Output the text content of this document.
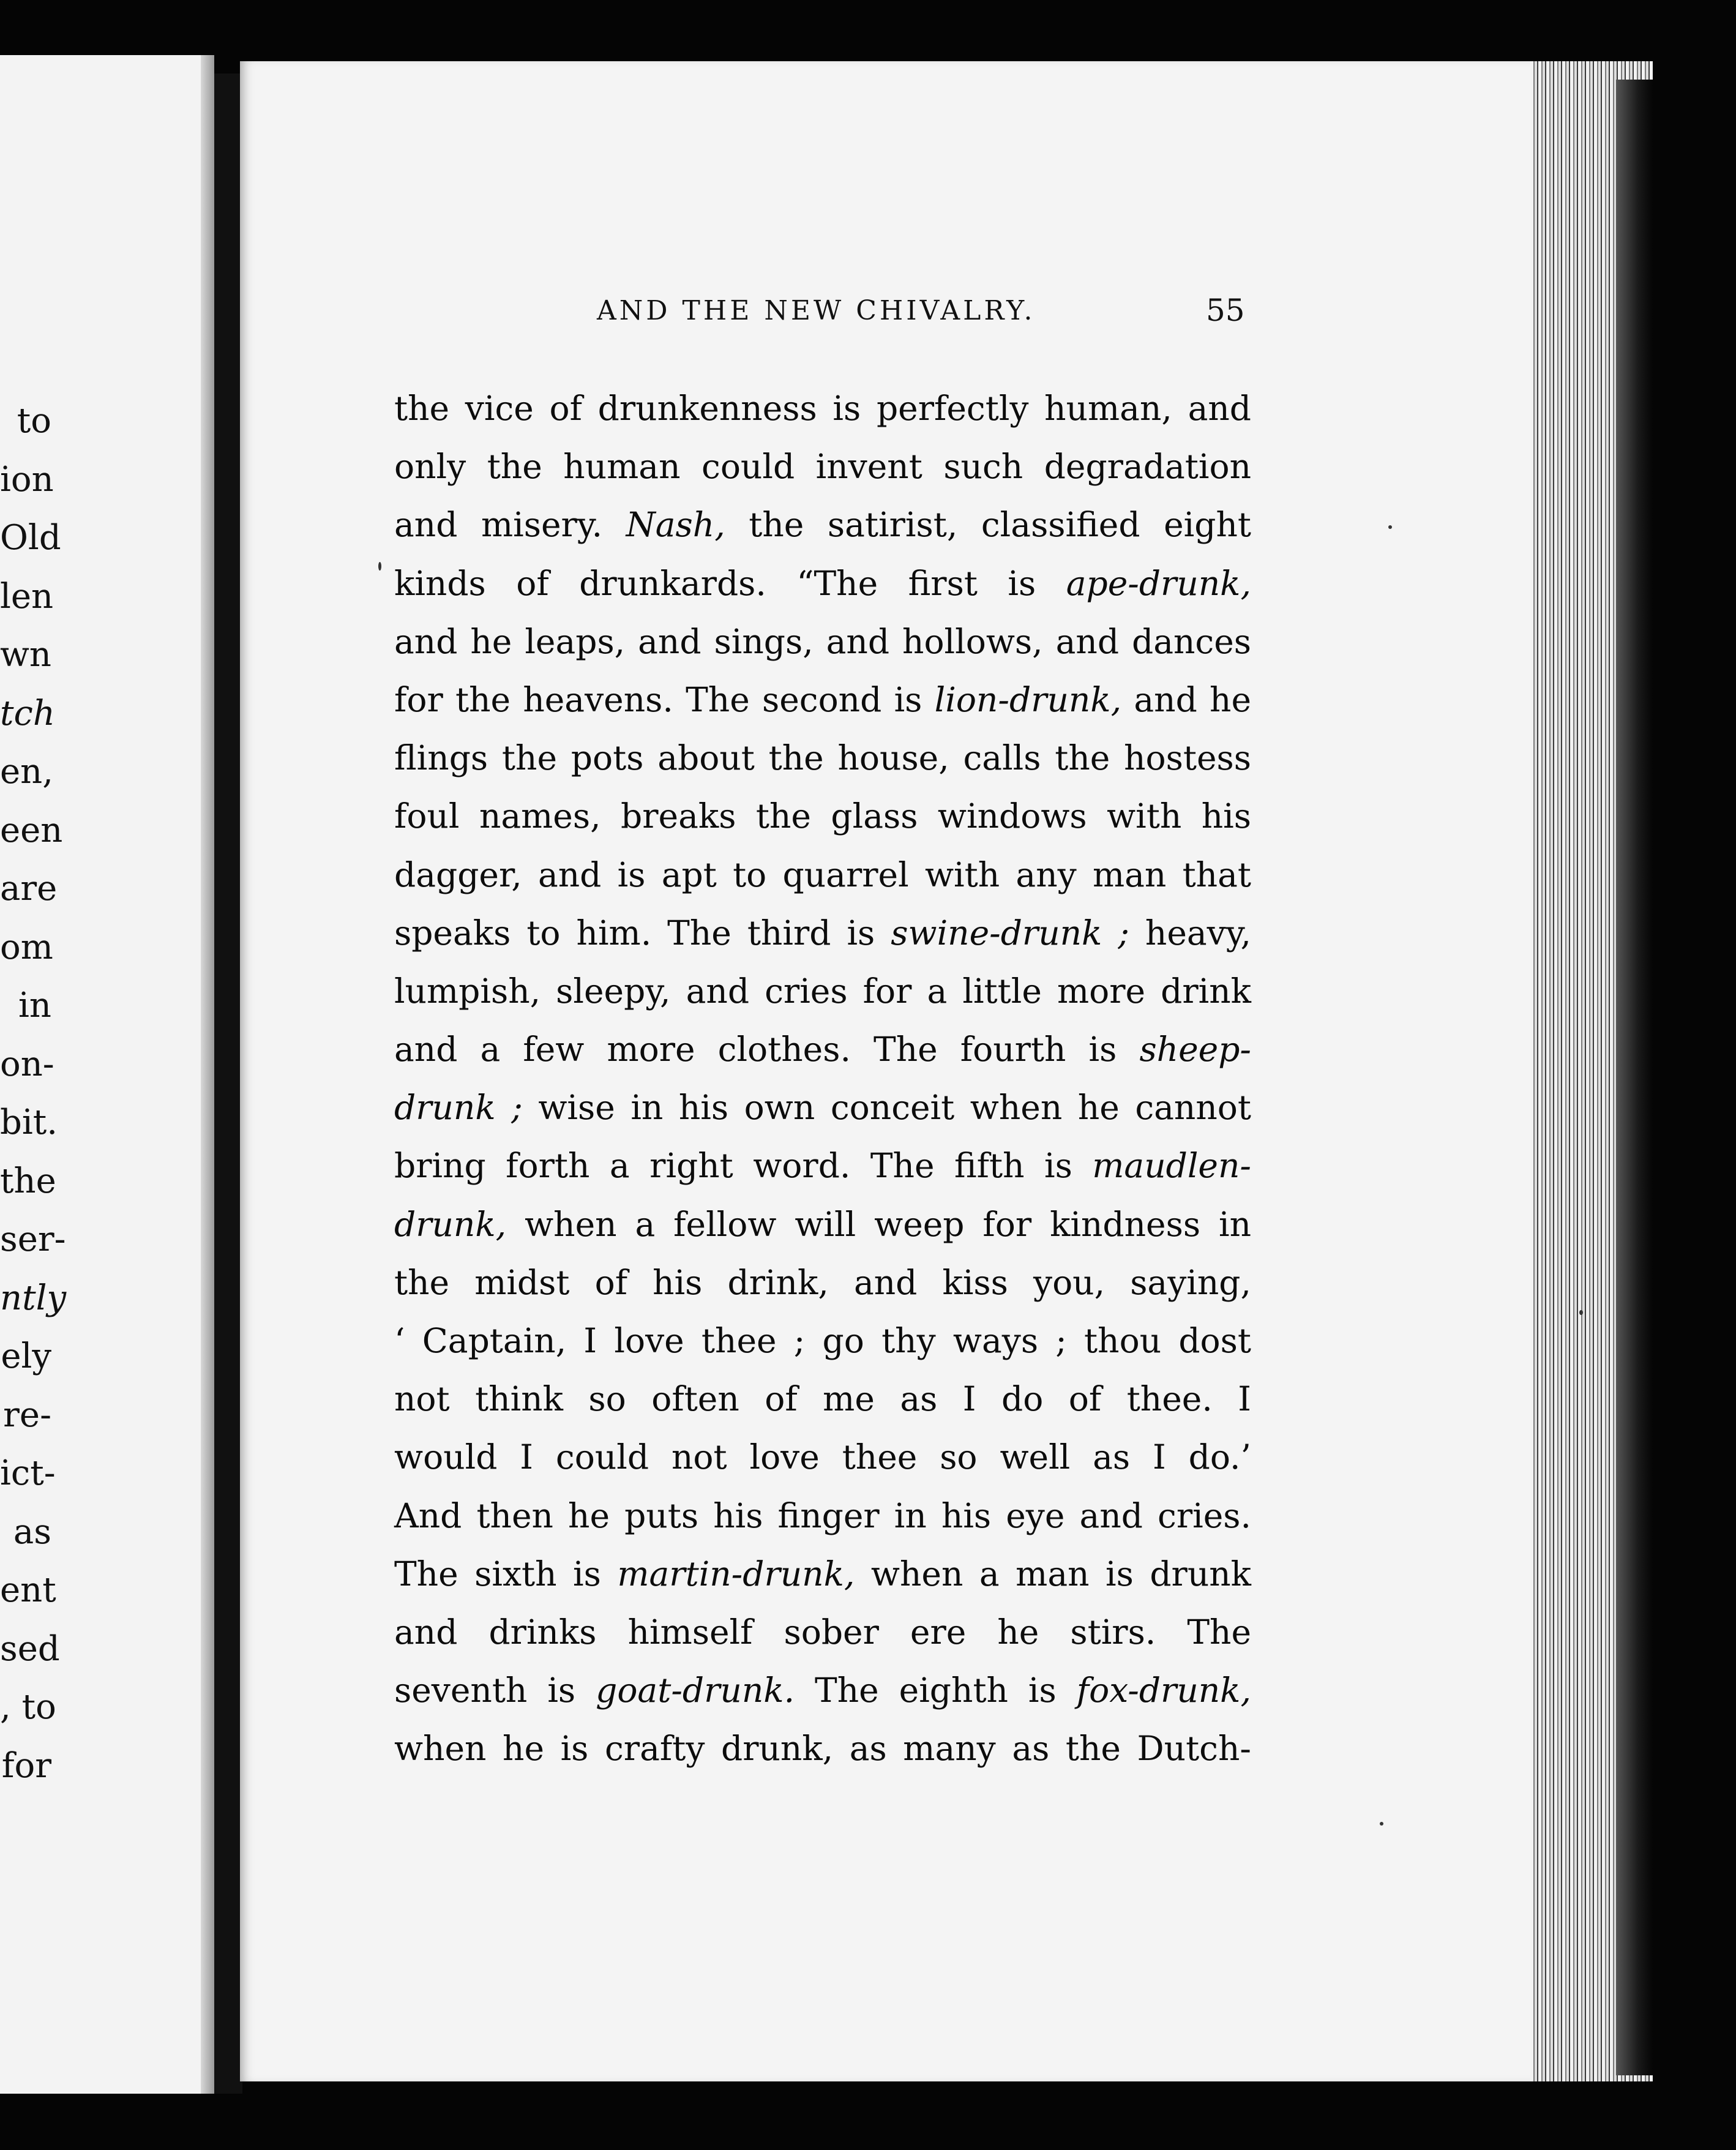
to
ion
Old
len
wn
tch
en,
een
are
om
in
on-
bit.
the
ser-
ntly
ely
re-
ict-
as
ent
sed
, to
for
AND THE NEW CHIVALRY.	55
the vice of drunkenness is perfectly human, and
only the human could invent such degradation
and misery. Nash, the satirist, classified eight
kinds of drunkards. “The first is ape-drunk,
and he leaps, and sings, and hollows, and dances
for the heavens. The second is lion-drunk, and he
flings the pots about the house, calls the hostess
foul names, breaks the glass windows with his
dagger, and is apt to quarrel with any man that
speaks to him. The third is swine-drunk ; heavy,
lumpish, sleepy, and cries for a little more drink
and a few more clothes. The fourth is sheep-
drunk ; wise in his own conceit when he cannot
bring forth a right word. The fifth is maudlen-
drunk, when a fellow will weep for kindness in
the midst of his drink, and kiss you, saying,
‘ Captain, I love thee ; go thy ways ; thou dost
not think so often of me as I do of thee. I
would I could not love thee so well as I do.’
And then he puts his finger in his eye and cries.
The sixth is martin-drunk, when a man is drunk
and drinks himself sober ere he stirs. The
seventh is goat-drunk. The eighth is fox-drunk,
when he is crafty drunk, as many as the Dutch-
